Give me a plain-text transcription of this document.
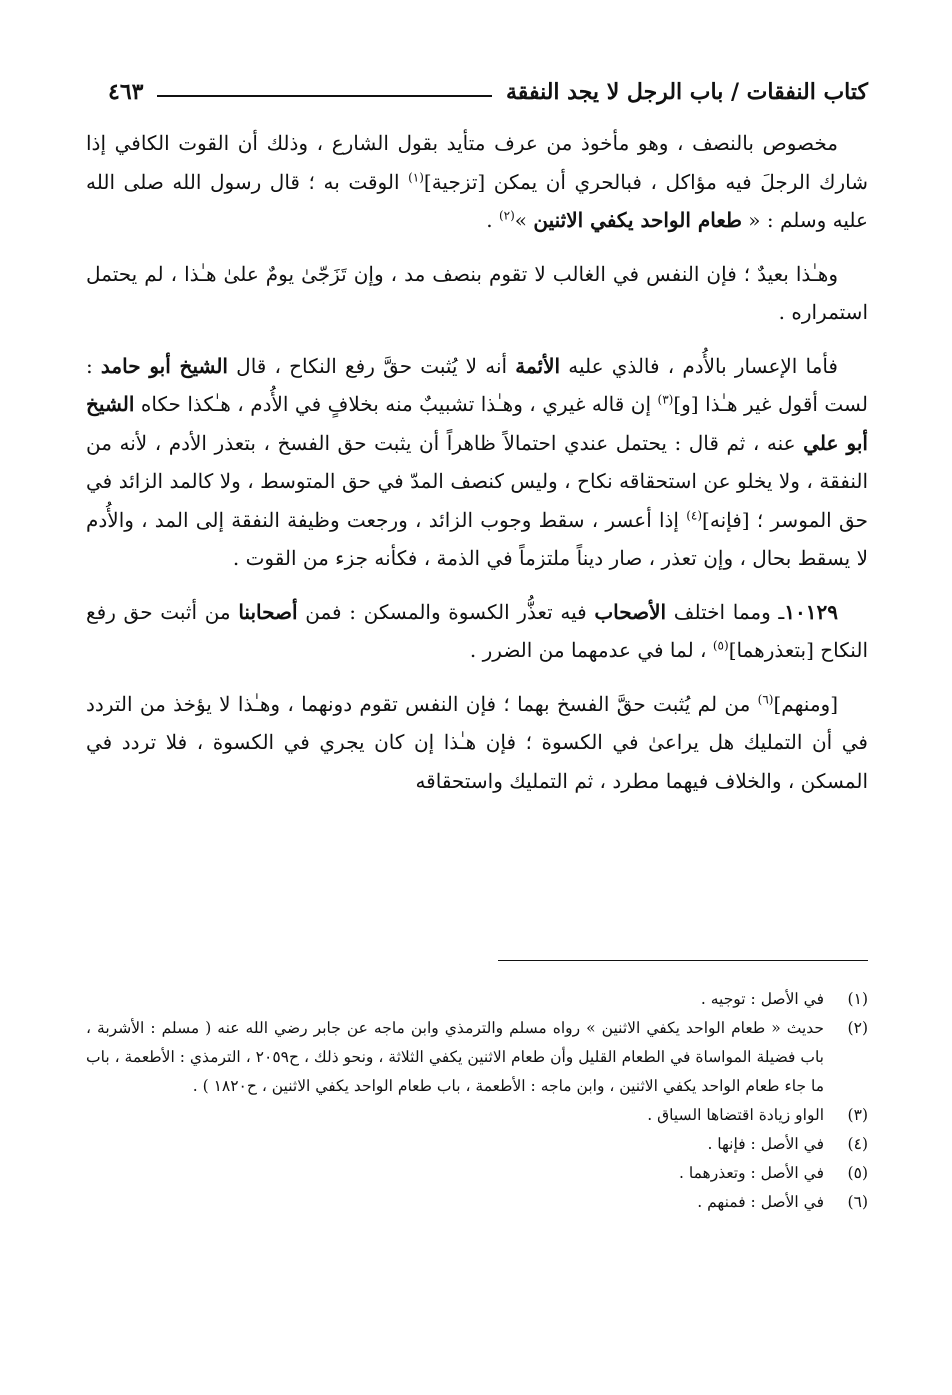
كتاب النفقات / باب الرجل لا يجد النفقة
٤٦٣

مخصوص بالنصف ، وهو مأخوذ من عرف متأيد بقول الشارع ، وذلك أن القوت الكافي إذا شارك الرجلَ فيه مؤاكل ، فبالحري أن يمكن [تزجية]$^{(١)}$ الوقت به ؛ قال رسول الله صلى الله عليه وسلم : « طعام الواحد يكفي الاثنين »$^{(٢)}$ .

وهـٰذا بعيدٌ ؛ فإن النفس في الغالب لا تقوم بنصف مد ، وإن تَزَجّىٰ يومٌ علىٰ هـٰذا ، لم يحتمل استمراره .

فأما الإعسار بالأُدم ، فالذي عليه الأئمة أنه لا يُثبت حقَّ رفع النكاح ، قال الشيخ أبو حامد : لست أقول غير هـٰذا [و]$^{(٣)}$ إن قاله غيري ، وهـٰذا تشبيبٌ منه بخلافٍ في الأُدم ، هـٰكذا حكاه الشيخ أبو علي عنه ، ثم قال : يحتمل عندي احتمالاً ظاهراً أن يثبت حق الفسخ ، بتعذر الأدم ، لأنه من النفقة ، ولا يخلو عن استحقاقه نكاح ، وليس كنصف المدّ في حق المتوسط ، ولا كالمد الزائد في حق الموسر ؛ [فإنه]$^{(٤)}$ إذا أعسر ، سقط وجوب الزائد ، ورجعت وظيفة النفقة إلى المد ، والأُدم لا يسقط بحال ، وإن تعذر ، صار ديناً ملتزماً في الذمة ، فكأنه جزء من القوت .

١٠١٢٩ـ ومما اختلف الأصحاب فيه تعذُّر الكسوة والمسكن : فمن أصحابنا من أثبت حق رفع النكاح [بتعذرهما]$^{(٥)}$ ، لما في عدمهما من الضرر .

[ومنهم]$^{(٦)}$ من لم يُثبت حقَّ الفسخ بهما ؛ فإن النفس تقوم دونهما ، وهـٰذا لا يؤخذ من التردد في أن التمليك هل يراعىٰ في الكسوة ؛ فإن هـٰذا إن كان يجري في الكسوة ، فلا تردد في المسكن ، والخلاف فيهما مطرد ، ثم التمليك واستحقاقه

(١)
في الأصل : توجيه .
(٢)
حديث « طعام الواحد يكفي الاثنين » رواه مسلم والترمذي وابن ماجه عن جابر رضي الله عنه ( مسلم : الأشربة ، باب فضيلة المواساة في الطعام القليل وأن طعام الاثنين يكفي الثلاثة ، ونحو ذلك ، ح٢٠٥٩ ، الترمذي : الأطعمة ، باب ما جاء طعام الواحد يكفي الاثنين ، وابن ماجه : الأطعمة ، باب طعام الواحد يكفي الاثنين ، ح١٨٢٠ ) .
(٣)
الواو زيادة اقتضاها السياق .
(٤)
في الأصل : فإنها .
(٥)
في الأصل : وتعذرهما .
(٦)
في الأصل : فمنهم .
